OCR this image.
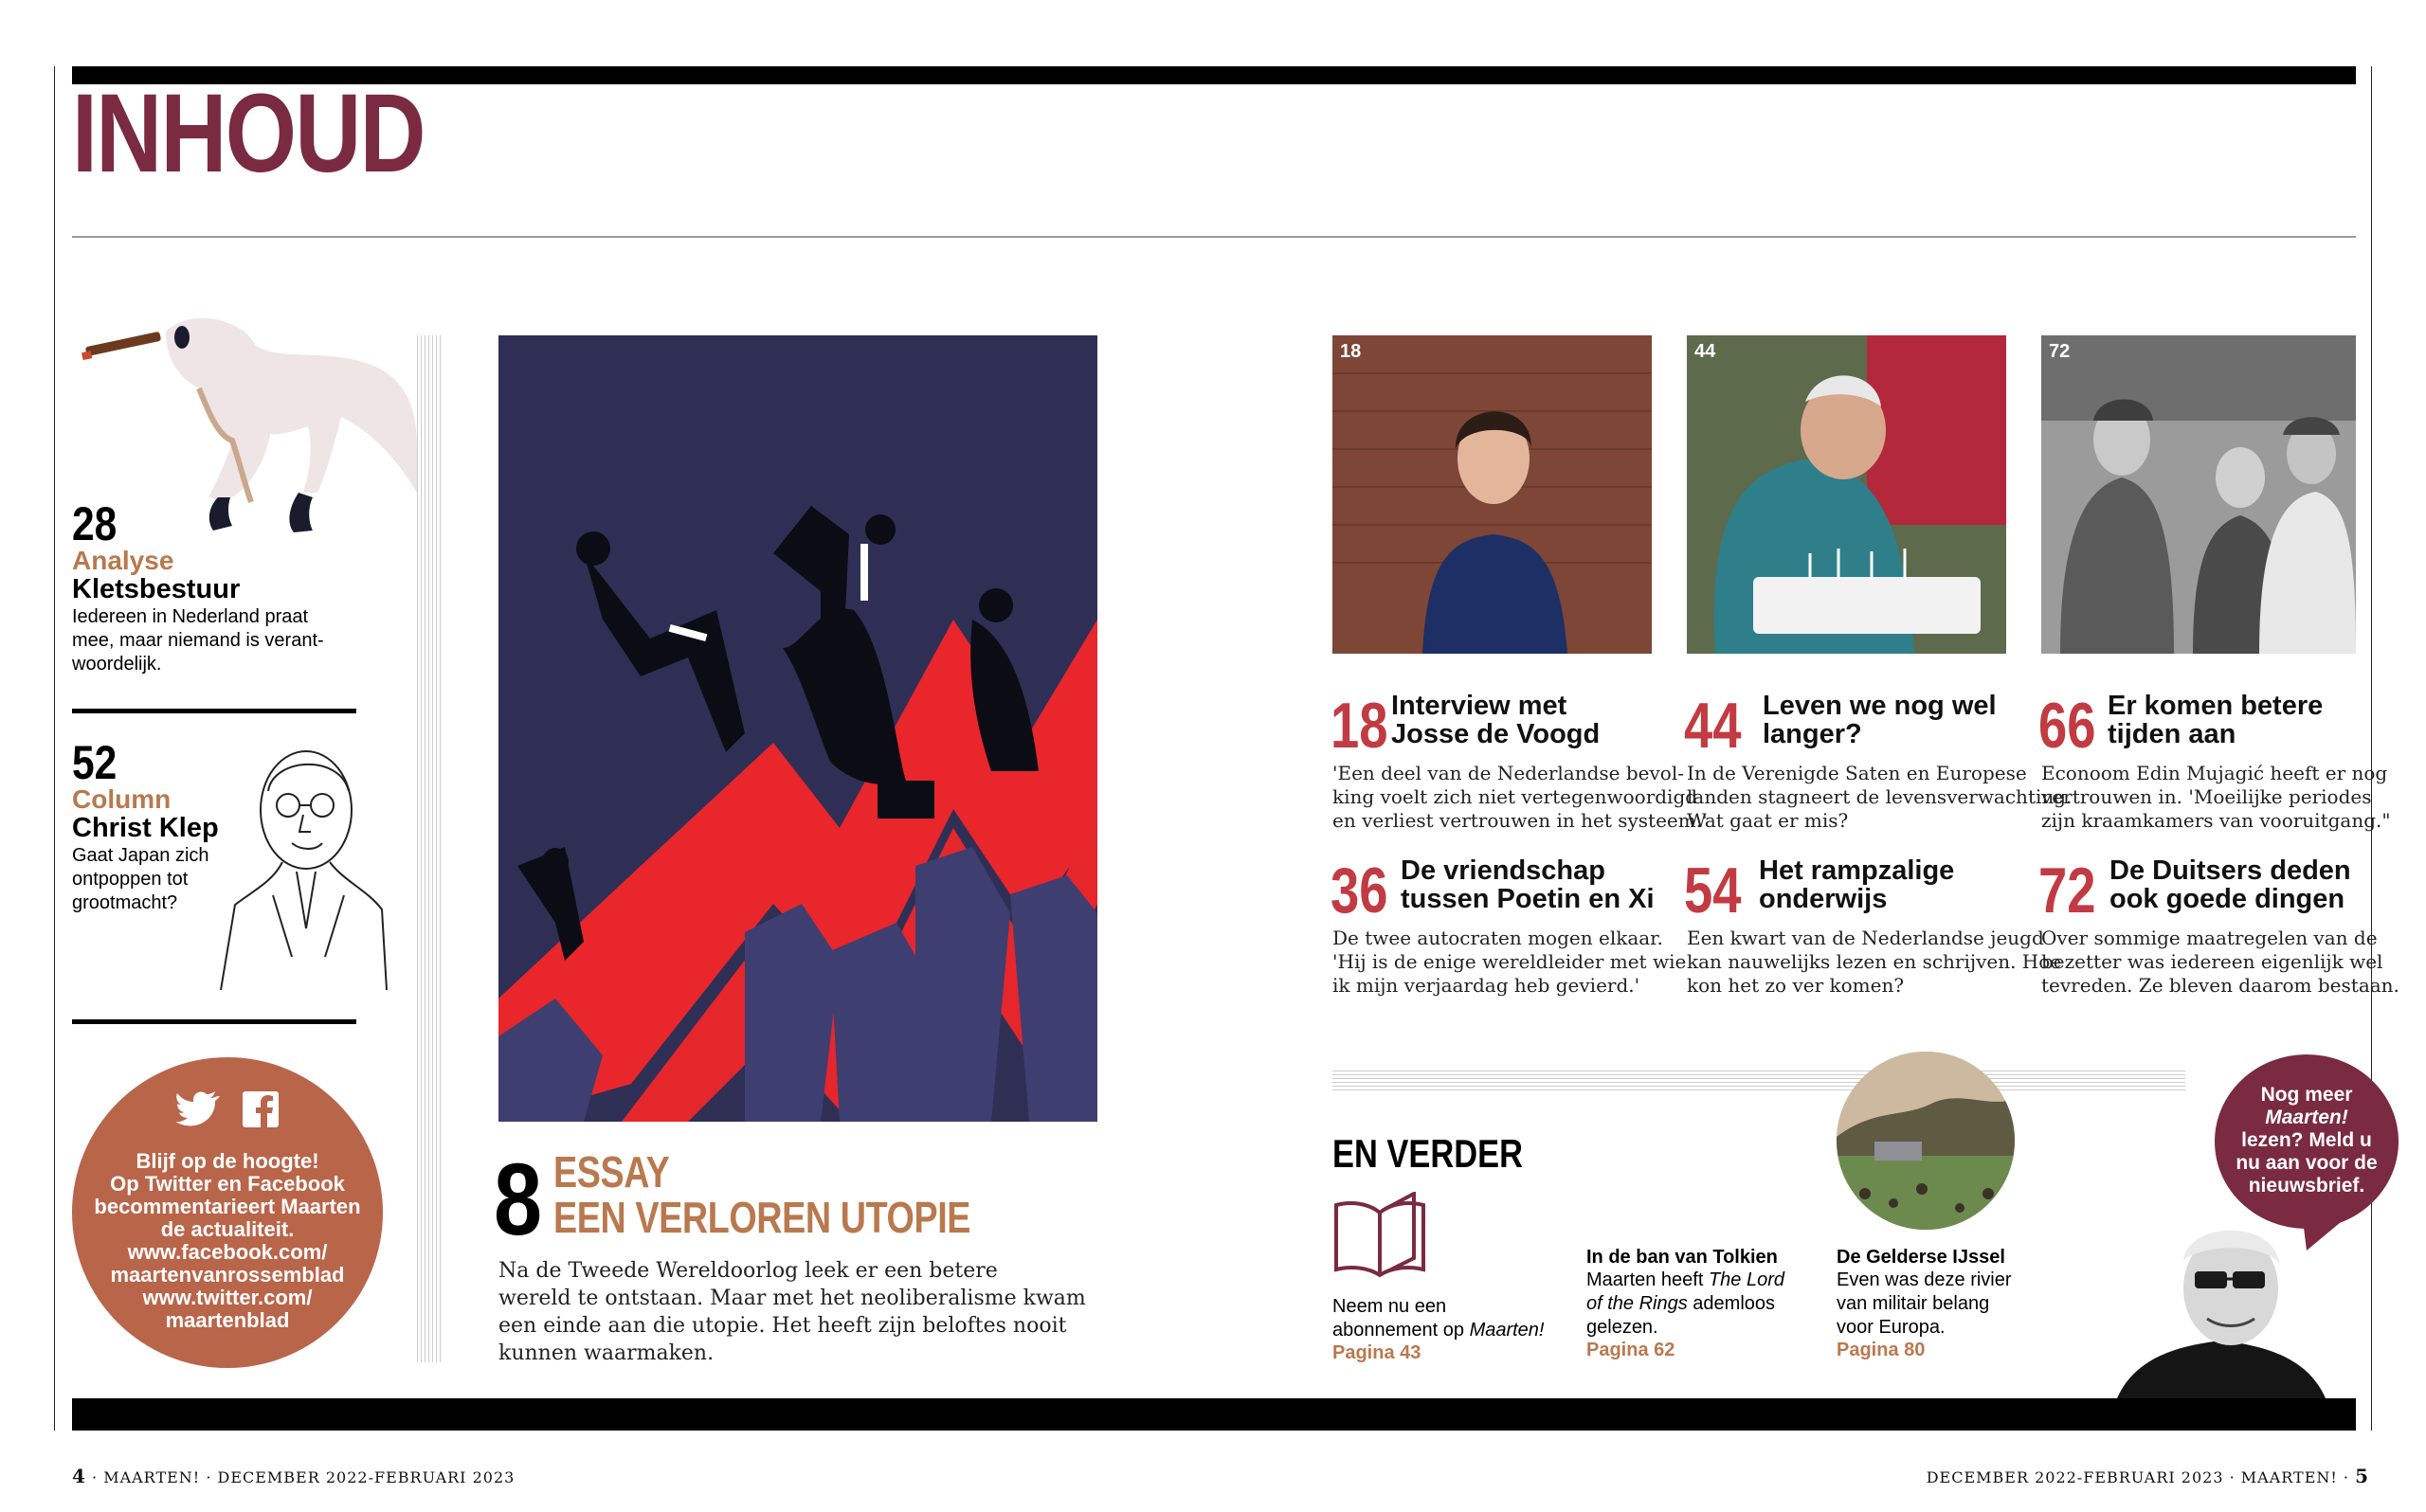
INHOUD
28
Analyse
Kletsbestuur
Iedereen in Nederland praat
mee, maar niemand is verant-
woordelijk.
52
Column
Christ Klep
Gaat Japan zich
ontpoppen tot
grootmacht?
Blijf op de hoogte!
Op Twitter en Facebook
becommentarieert Maarten
de actualiteit.
www.facebook.com/
maartenvanrossemblad
www.twitter.com/
maartenblad
8 ESSAY
EEN VERLOREN UTOPIE
Na de Tweede Wereldoorlog leek er een betere
wereld te ontstaan. Maar met het neoliberalisme kwam
een einde aan die utopie. Het heeft zijn beloftes nooit
kunnen waarmaken.
18	44	72
18 Interview met
Josse de Voogd
'Een deel van de Nederlandse bevol-
king voelt zich niet vertegenwoordigd
en verliest vertrouwen in het systeem.'
44 Leven we nog wel
langer?
In de Verenigde Saten en Europese
landen stagneert de levensverwachting.
Wat gaat er mis?
66 Er komen betere
tijden aan
Econoom Edin Mujagić heeft er nog
vertrouwen in. 'Moeilijke periodes
zijn kraamkamers van vooruitgang."
36 De vriendschap
tussen Poetin en Xi
De twee autocraten mogen elkaar.
'Hij is de enige wereldleider met wie
ik mijn verjaardag heb gevierd.'
54 Het rampzalige
onderwijs
Een kwart van de Nederlandse jeugd
kan nauwelijks lezen en schrijven. Hoe
kon het zo ver komen?
72 De Duitsers deden
ook goede dingen
Over sommige maatregelen van de
bezetter was iedereen eigenlijk wel
tevreden. Ze bleven daarom bestaan.
EN VERDER
Neem nu een
abonnement op Maarten!
Pagina 43
In de ban van Tolkien
Maarten heeft The Lord
of the Rings ademloos
gelezen.
Pagina 62
De Gelderse IJssel
Even was deze rivier
van militair belang
voor Europa.
Pagina 80
Nog meer
Maarten!
lezen? Meld u
nu aan voor de
nieuwsbrief.
4 · MAARTEN! · DECEMBER 2022-FEBRUARI 2023	DECEMBER 2022-FEBRUARI 2023 · MAARTEN! · 5
